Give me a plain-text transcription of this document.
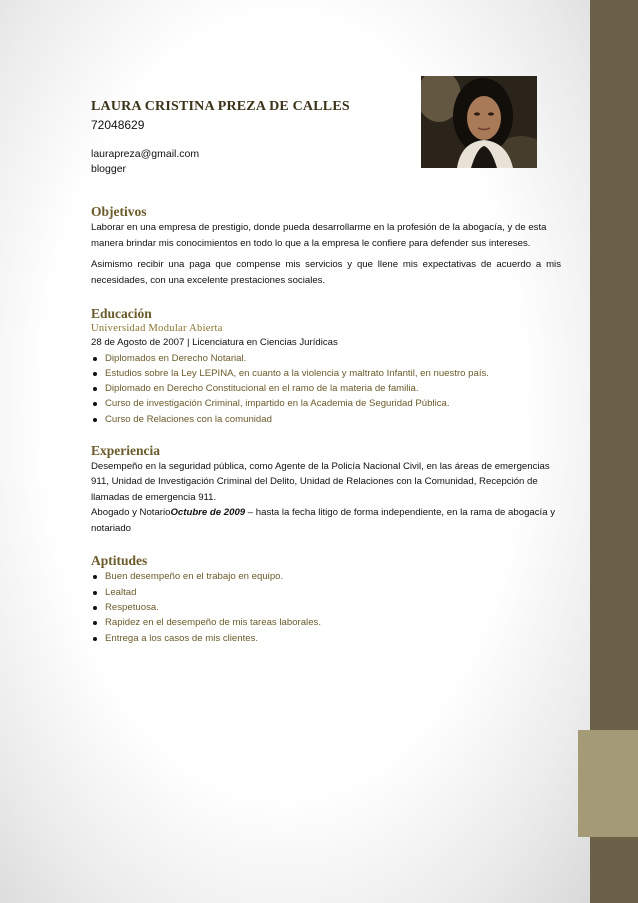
LAURA CRISTINA PREZA DE CALLES
72048629
laurapreza@gmail.com
blogger
Objetivos

Laborar en una empresa de prestigio, donde pueda desarrollarme en la profesión de la abogacía, y de esta manera brindar mis conocimientos en todo lo que a la empresa le confiere para defender sus intereses.

Asimismo recibir una paga que compense mis servicios y que llene mis expectativas de acuerdo a mis necesidades, con una excelente prestaciones sociales.

Educación
Universidad Modular Abierta

28 de Agosto de 2007 | Licenciatura en Ciencias Jurídicas

Diplomados en Derecho Notarial.
Estudios sobre la Ley LEPINA, en cuanto a la violencia y maltrato Infantil, en nuestro país.
Diplomado en Derecho Constitucional en el ramo de la materia de familia.
Curso de investigación Criminal, impartido en la Academia de Seguridad Pública.
Curso de Relaciones con la comunidad
Experiencia

Desempeño en la seguridad pública, como Agente de la Policía Nacional Civil, en las áreas de emergencias 911, Unidad de Investigación Criminal del Delito, Unidad de Relaciones con la Comunidad, Recepción de llamadas de emergencia 911.

Abogado y NotarioOctubre de 2009 – hasta la fecha litigo de forma independiente, en la rama de abogacía y notariado

Aptitudes
Buen desempeño en el trabajo en equipo.
Lealtad
Respetuosa.
Rapidez en el desempeño de mis tareas laborales.
Entrega a los casos de mis clientes.
